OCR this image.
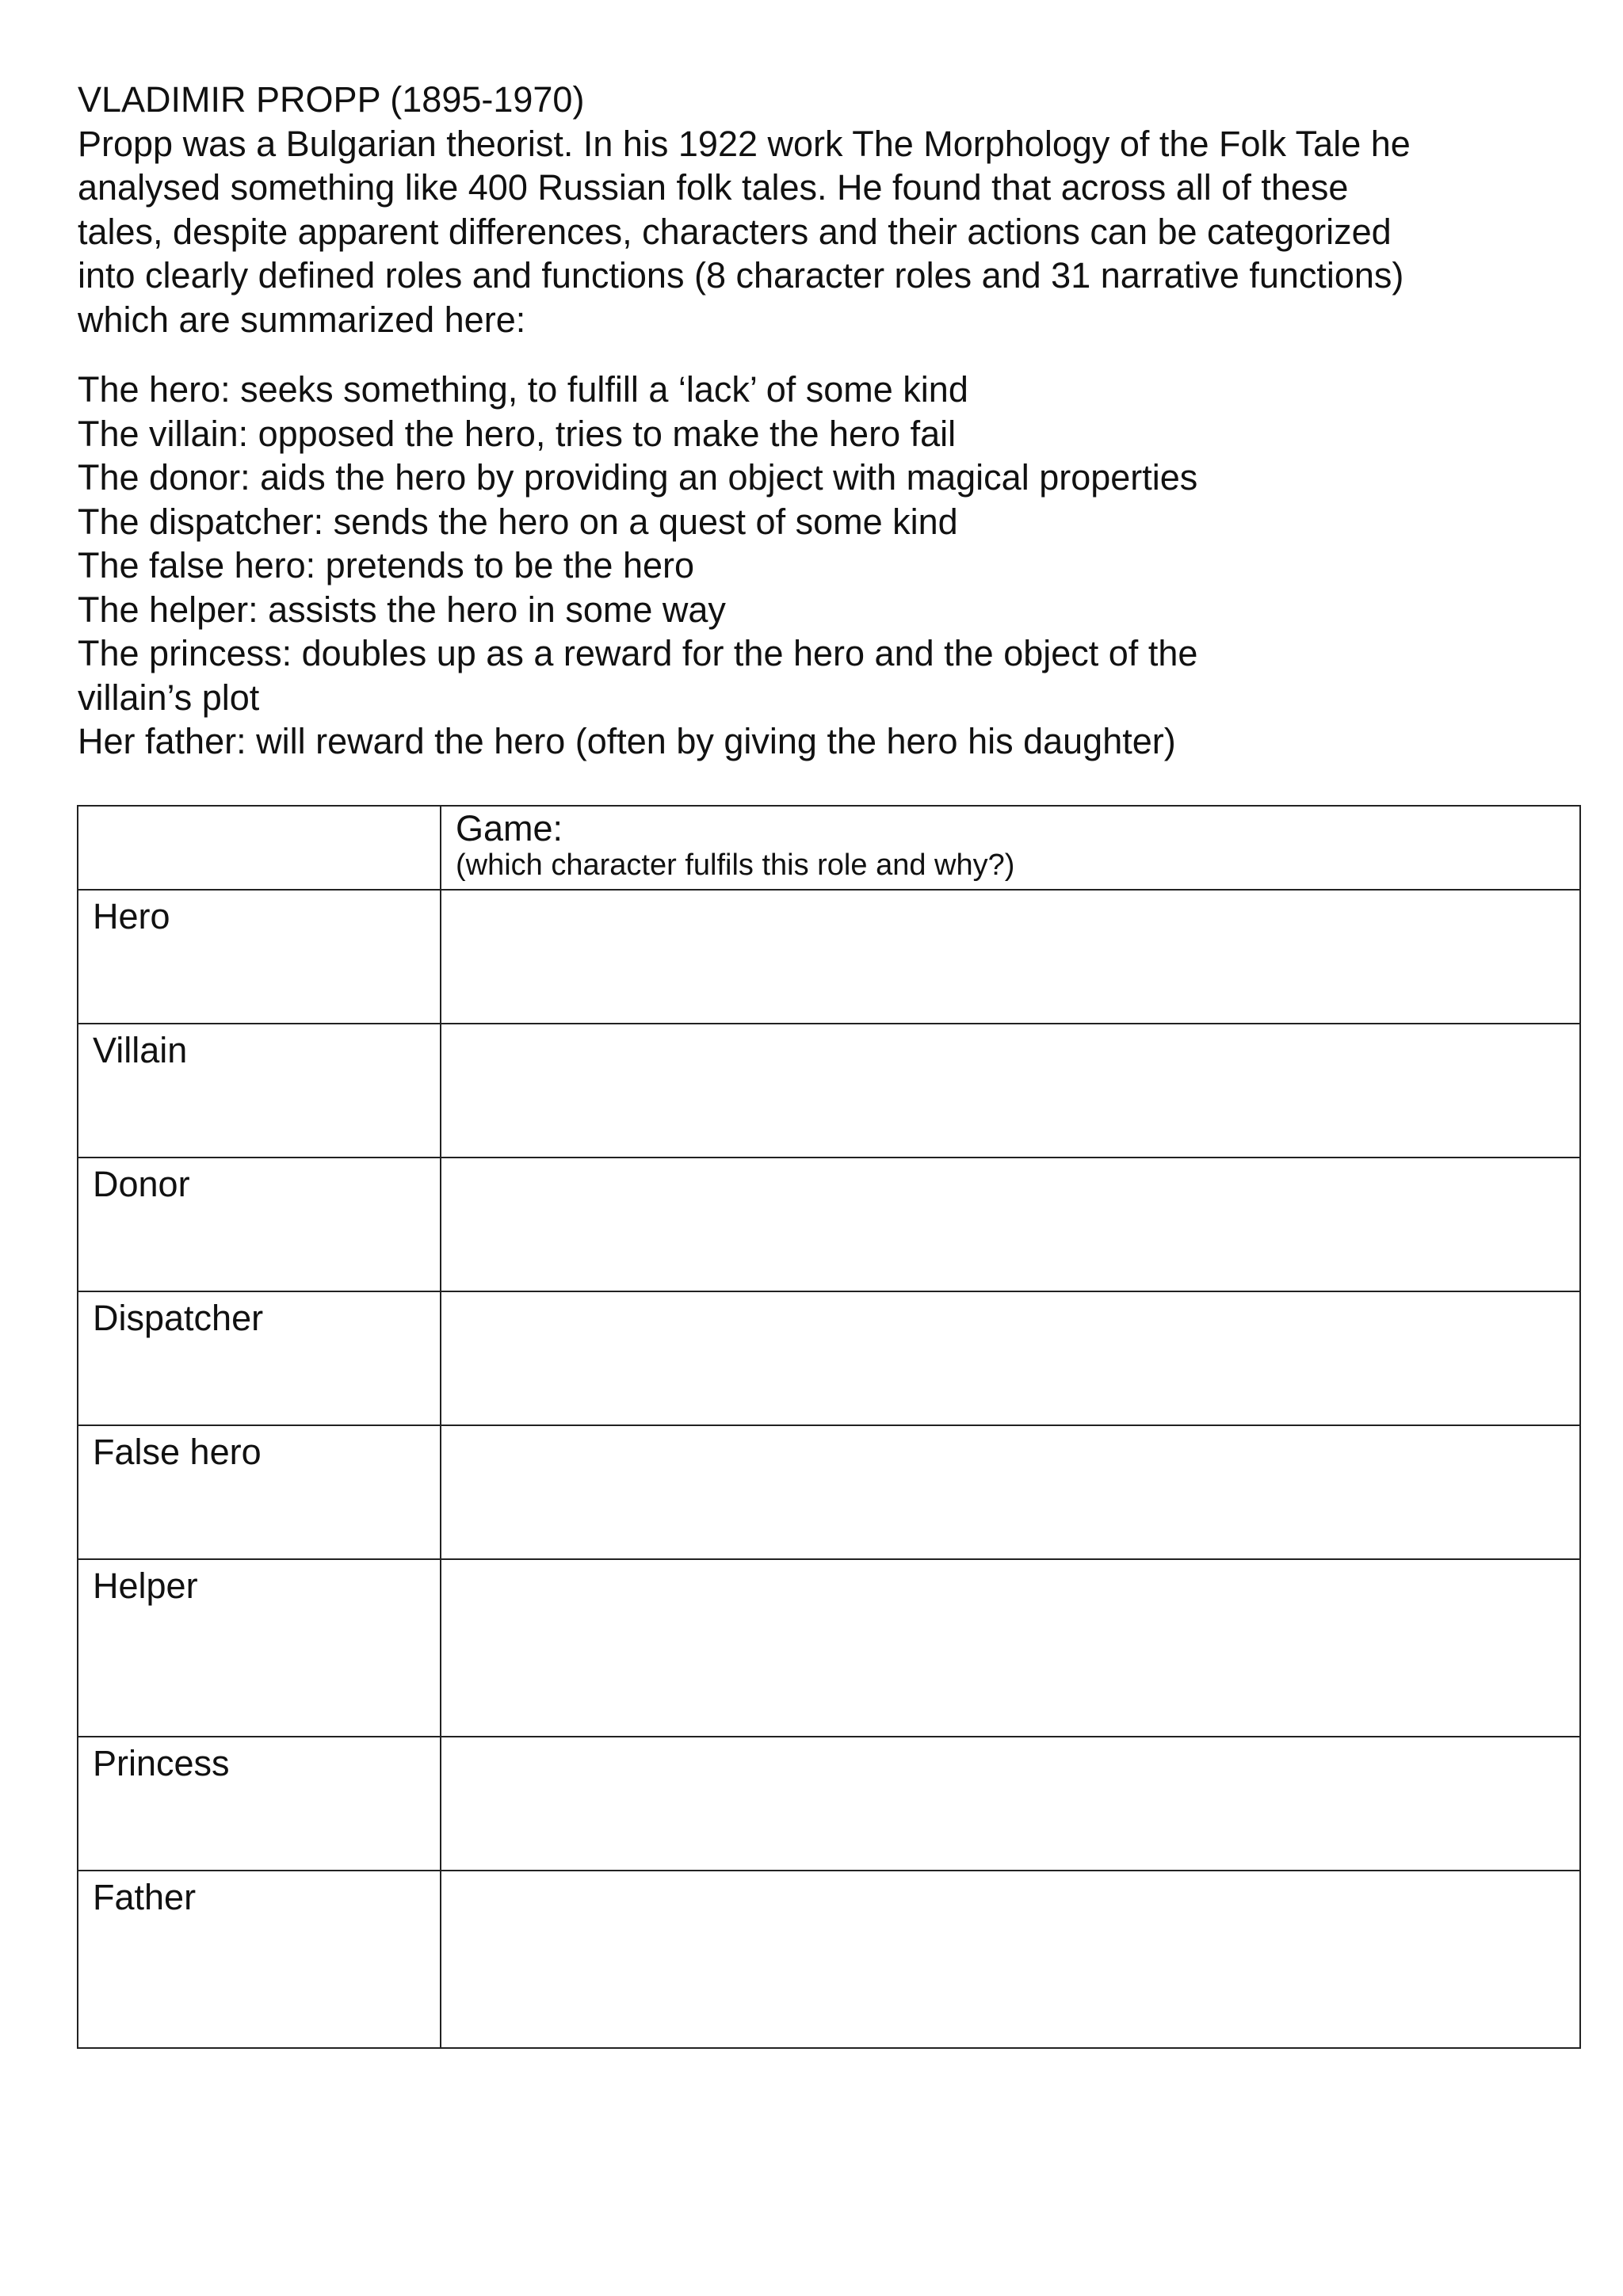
VLADIMIR PROPP (1895-1970)
Propp was a Bulgarian theorist. In his 1922 work The Morphology of the Folk Tale he
analysed something like 400 Russian folk tales. He found that across all of these
tales, despite apparent differences, characters and their actions can be categorized
into clearly defined roles and functions (8 character roles and 31 narrative functions)
which are summarized here:
The hero: seeks something, to fulfill a ‘lack’ of some kind
The villain: opposed the hero, tries to make the hero fail
The donor: aids the hero by providing an object with magical properties
The dispatcher: sends the hero on a quest of some kind
The false hero: pretends to be the hero
The helper: assists the hero in some way
The princess: doubles up as a reward for the hero and the object of the
villain’s plot
Her father: will reward the hero (often by giving the hero his daughter)

	Game:
(which character fulfils this role and why?)

Hero	

Villain	

Donor	

Dispatcher	

False hero	

Helper	

Princess	

Father	
